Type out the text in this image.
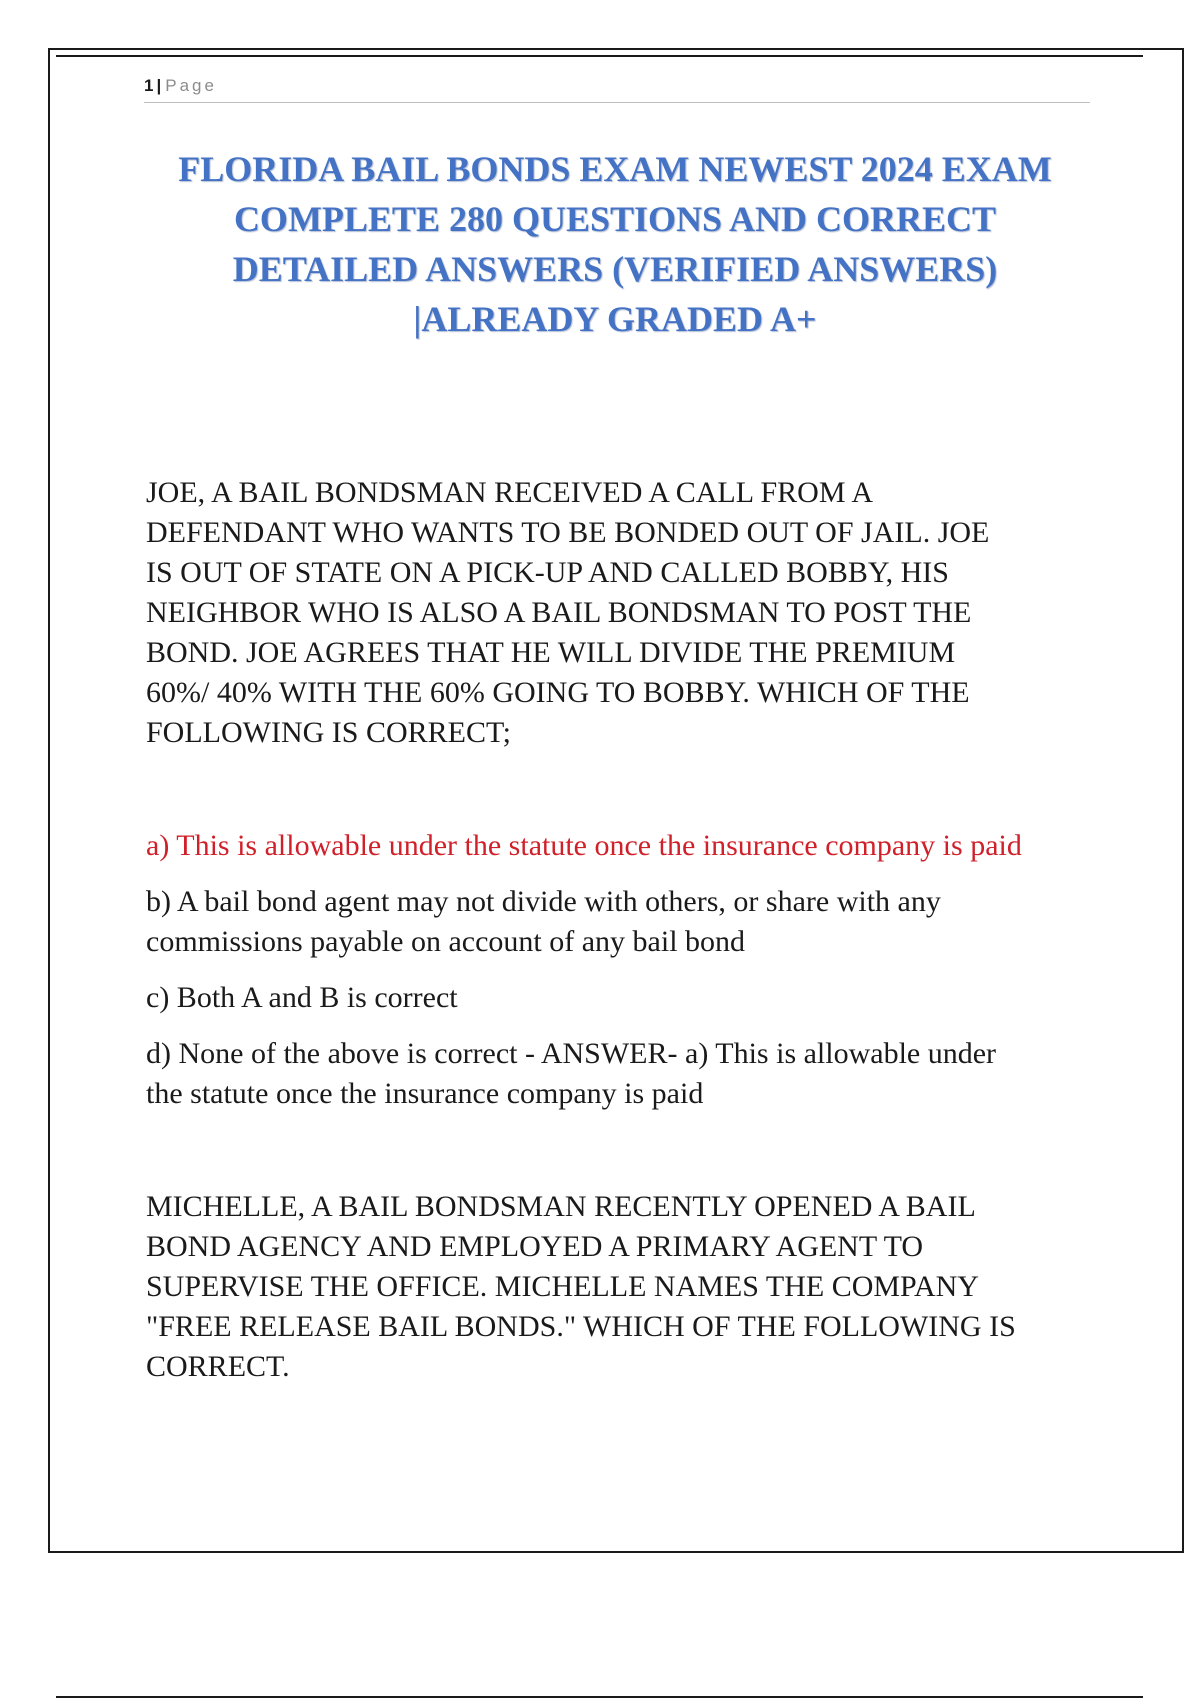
1 | Page
FLORIDA BAIL BONDS EXAM NEWEST 2024 EXAM
COMPLETE 280 QUESTIONS AND CORRECT
DETAILED ANSWERS (VERIFIED ANSWERS)
|ALREADY GRADED A+
JOE, A BAIL BONDSMAN RECEIVED A CALL FROM A
DEFENDANT WHO WANTS TO BE BONDED OUT OF JAIL. JOE
IS OUT OF STATE ON A PICK-UP AND CALLED BOBBY, HIS
NEIGHBOR WHO IS ALSO A BAIL BONDSMAN TO POST THE
BOND. JOE AGREES THAT HE WILL DIVIDE THE PREMIUM
60%/ 40% WITH THE 60% GOING TO BOBBY. WHICH OF THE
FOLLOWING IS CORRECT;
a) This is allowable under the statute once the insurance company is paid
b) A bail bond agent may not divide with others, or share with any
commissions payable on account of any bail bond
c) Both A and B is correct
d) None of the above is correct - ANSWER- a) This is allowable under
the statute once the insurance company is paid
MICHELLE, A BAIL BONDSMAN RECENTLY OPENED A BAIL
BOND AGENCY AND EMPLOYED A PRIMARY AGENT TO
SUPERVISE THE OFFICE. MICHELLE NAMES THE COMPANY
"FREE RELEASE BAIL BONDS." WHICH OF THE FOLLOWING IS
CORRECT.
